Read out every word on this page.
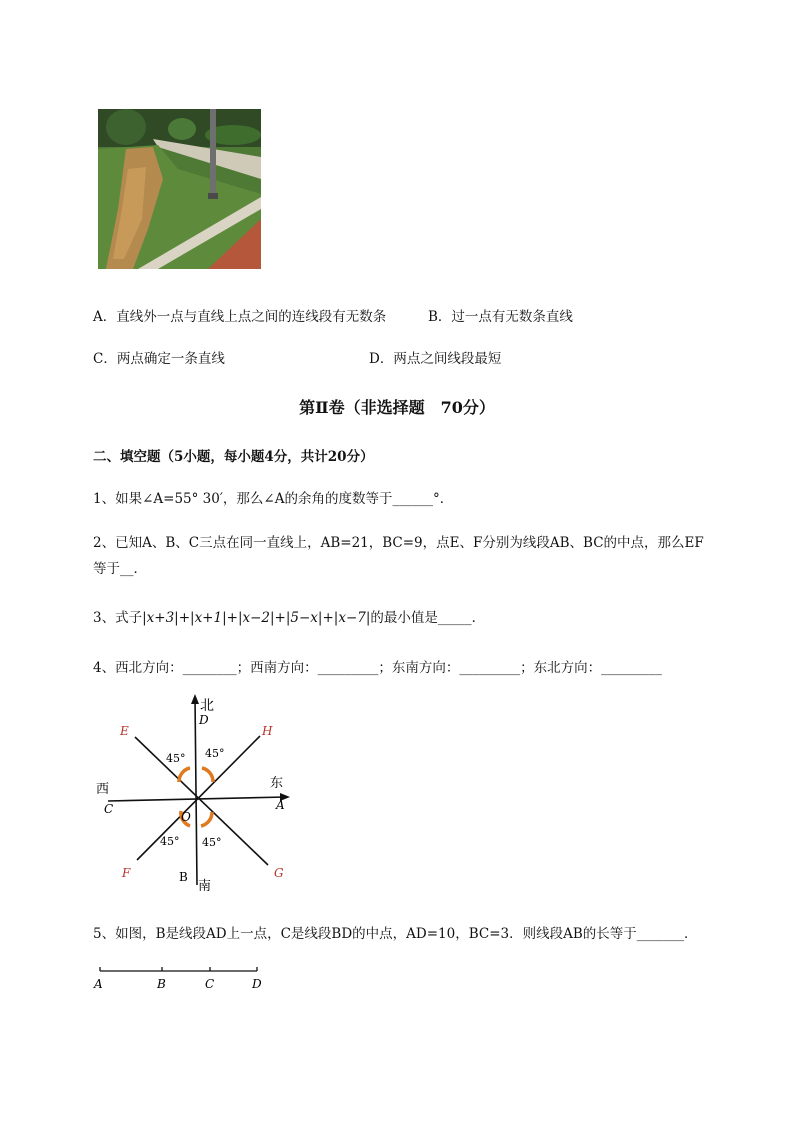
A．直线外一点与直线上点之间的连线段有无数条	B．过一点有无数条直线
C．两点确定一条直线	D．两点之间线段最短
第Ⅱ卷（非选择题　70分）
二、填空题（5小题，每小题4分，共计20分）
1、如果∠A=55° 30′，那么∠A的余角的度数等于______°．
2、已知A、B、C三点在同一直线上，AB=21，BC=9，点E、F分别为线段AB、BC的中点，那么EF
等于__．
3、式子|x+3|+|x+1|+|x−2|+|5−x|+|x−7|的最小值是_____．
4、西北方向：________；西南方向：_________；东南方向：_________；东北方向：_________
北
D
E	H
45° 45°
西	东
C	A
O
45° 45°
F	B	G
南
5、如图，B是线段AD上一点，C是线段BD的中点，AD=10，BC=3．则线段AB的长等于_______．
A	B	C	D
